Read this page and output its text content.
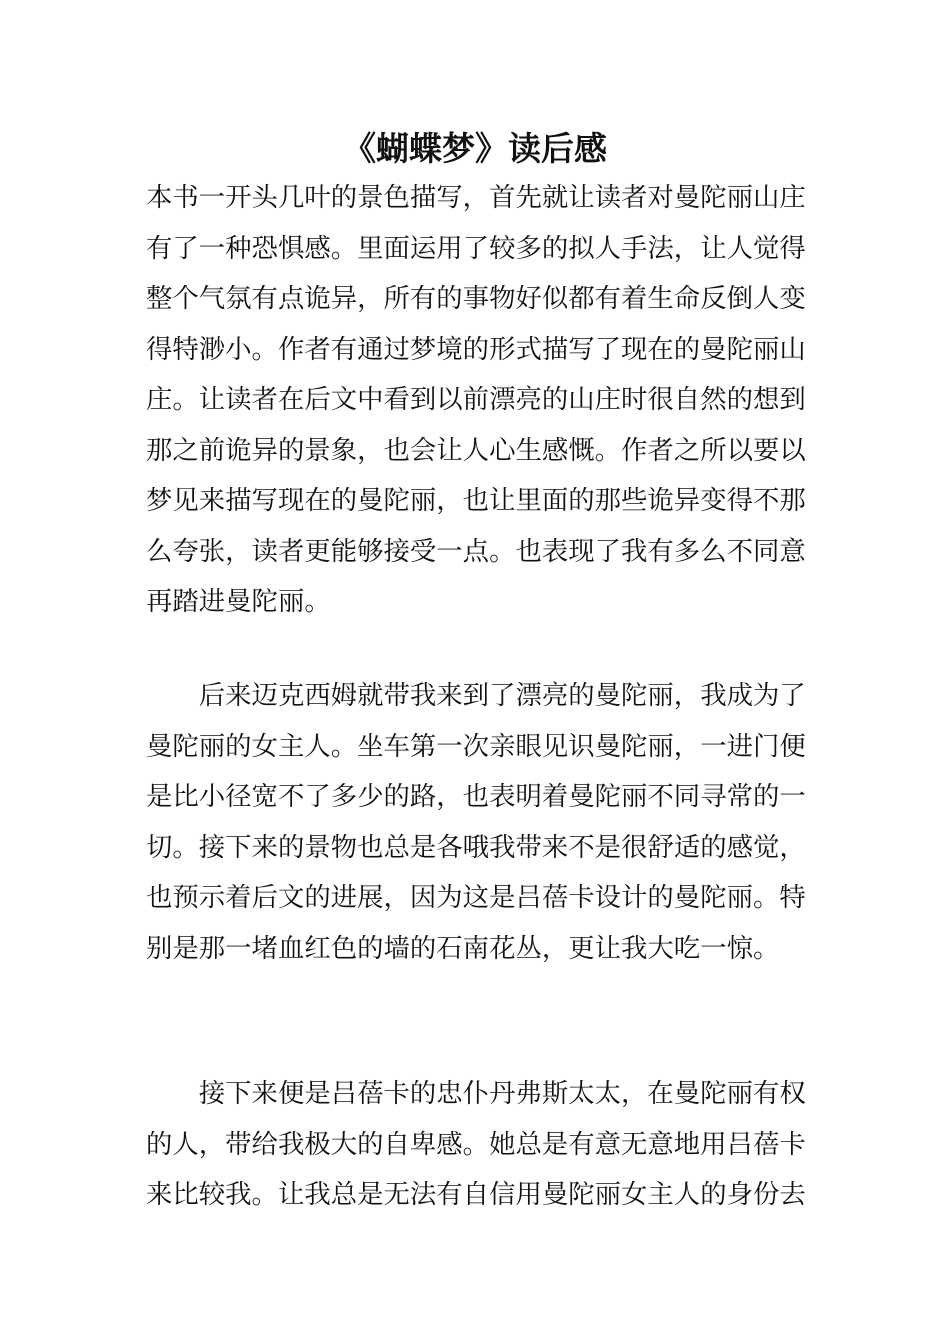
《蝴蝶梦》读后感
本书一开头几叶的景色描写，首先就让读者对曼陀丽山庄
有了一种恐惧感。里面运用了较多的拟人手法，让人觉得
整个气氛有点诡异，所有的事物好似都有着生命反倒人变
得特渺小。作者有通过梦境的形式描写了现在的曼陀丽山
庄。让读者在后文中看到以前漂亮的山庄时很自然的想到
那之前诡异的景象，也会让人心生感慨。作者之所以要以
梦见来描写现在的曼陀丽，也让里面的那些诡异变得不那
么夸张，读者更能够接受一点。也表现了我有多么不同意
再踏进曼陀丽。
　　后来迈克西姆就带我来到了漂亮的曼陀丽，我成为了
曼陀丽的女主人。坐车第一次亲眼见识曼陀丽，一进门便
是比小径宽不了多少的路，也表明着曼陀丽不同寻常的一
切。接下来的景物也总是各哦我带来不是很舒适的感觉，
也预示着后文的进展，因为这是吕蓓卡设计的曼陀丽。特
别是那一堵血红色的墙的石南花丛，更让我大吃一惊。
　　接下来便是吕蓓卡的忠仆丹弗斯太太，在曼陀丽有权
的人，带给我极大的自卑感。她总是有意无意地用吕蓓卡
来比较我。让我总是无法有自信用曼陀丽女主人的身份去
